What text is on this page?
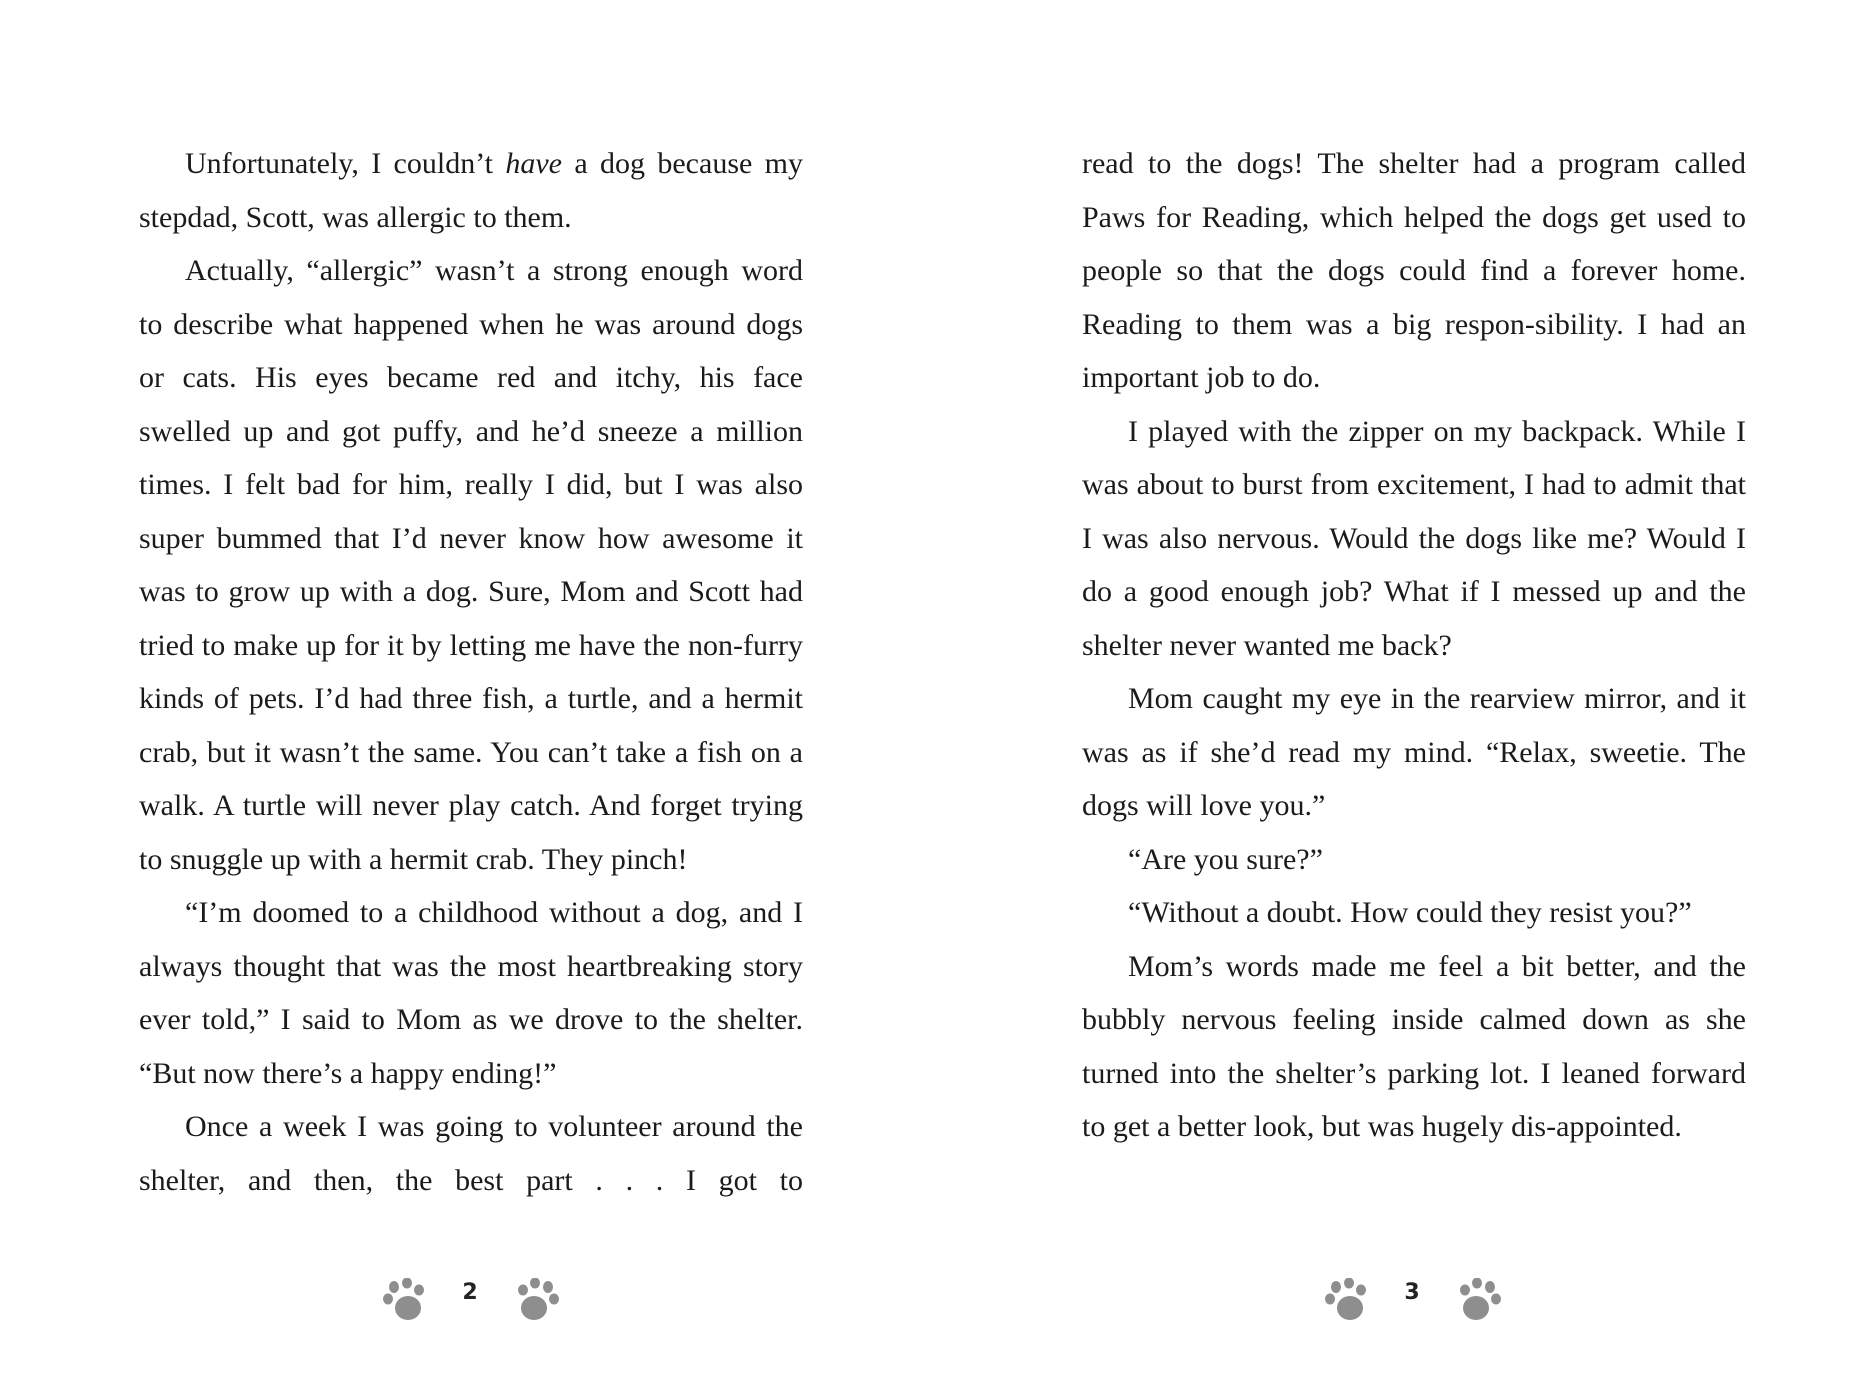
Unfortunately, I couldn’t have a dog because my stepdad, Scott, was allergic to them.

Actually, “allergic” wasn’t a strong enough word to describe what happened when he was around dogs or cats. His eyes became red and itchy, his face swelled up and got puffy, and he’d sneeze a million times. I felt bad for him, really I did, but I was also super bummed that I’d never know how awesome it was to grow up with a dog. Sure, Mom and Scott had tried to make up for it by letting me have the non-furry kinds of pets. I’d had three fish, a turtle, and a hermit crab, but it wasn’t the same. You can’t take a fish on a walk. A turtle will never play catch. And forget trying to snuggle up with a hermit crab. They pinch!

“I’m doomed to a childhood without a dog, and I always thought that was the most heartbreaking story ever told,” I said to Mom as we drove to the shelter. “But now there’s a happy ending!”

Once a week I was going to volunteer around the shelter, and then, the best part . . . I got to

2

read to the dogs! The shelter had a program called Paws for Reading, which helped the dogs get used to people so that the dogs could find a forever home. Reading to them was a big respon-sibility. I had an important job to do.

I played with the zipper on my backpack. While I was about to burst from excitement, I had to admit that I was also nervous. Would the dogs like me? Would I do a good enough job? What if I messed up and the shelter never wanted me back?

Mom caught my eye in the rearview mirror, and it was as if she’d read my mind. “Relax, sweetie. The dogs will love you.”

“Are you sure?”

“Without a doubt. How could they resist you?”

Mom’s words made me feel a bit better, and the bubbly nervous feeling inside calmed down as she turned into the shelter’s parking lot. I leaned forward to get a better look, but was hugely dis-appointed.

3
